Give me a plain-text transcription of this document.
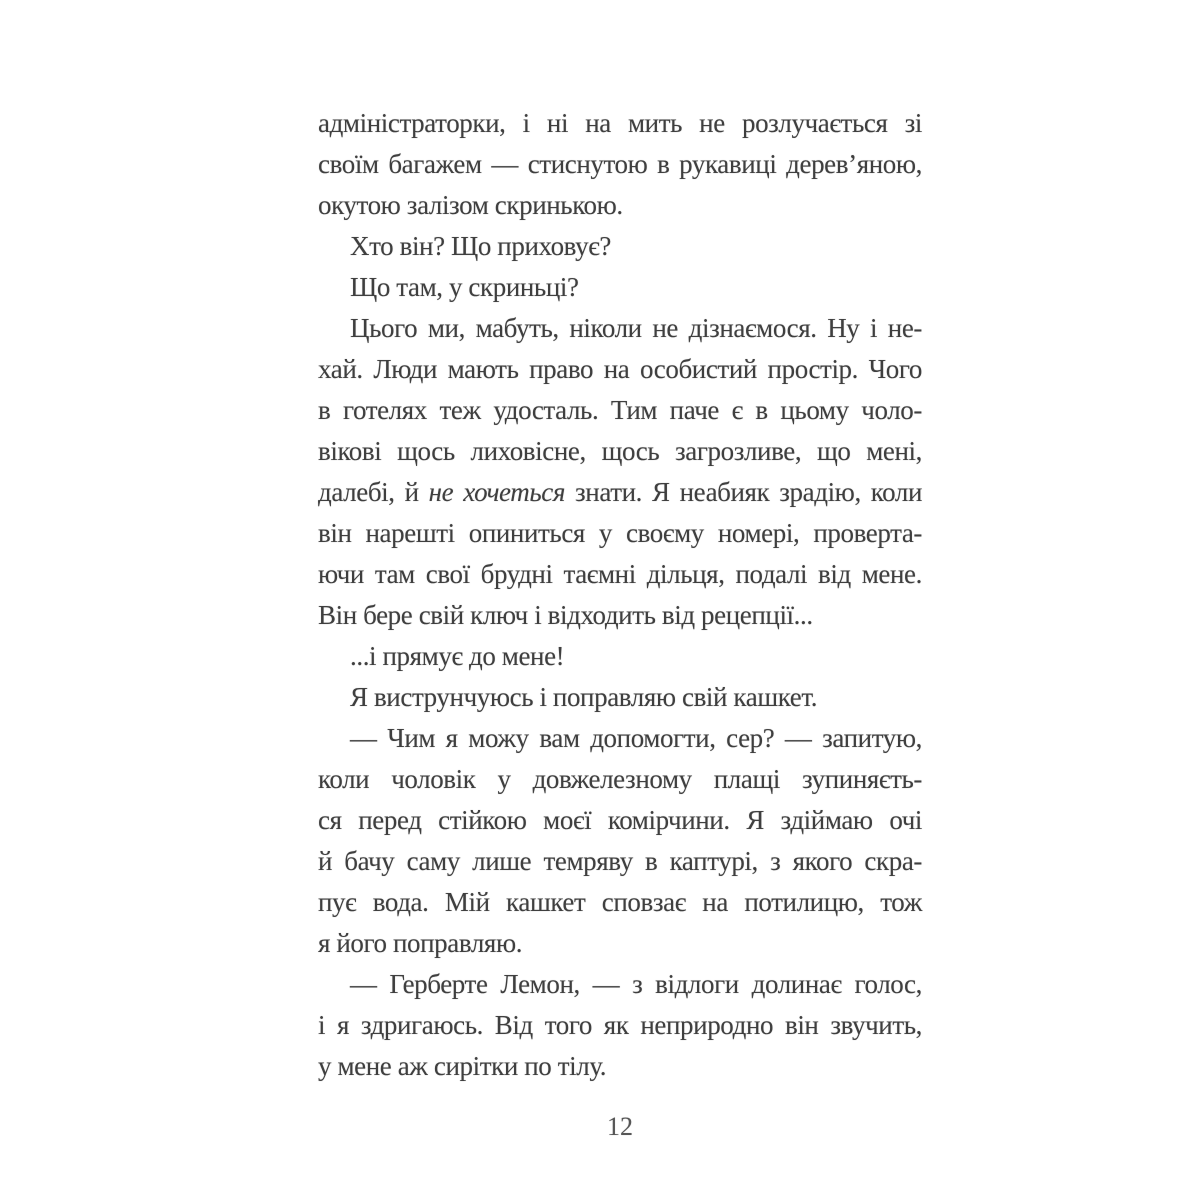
адміністраторки, і ні на мить не розлучається зі

своїм багажем — стиснутою в рукавиці дерев’яною,

окутою залізом скринькою.

Хто він? Що приховує?

Що там, у скриньці?

Цього ми, мабуть, ніколи не дізнаємося. Ну і не-

хай. Люди мають право на особистий простір. Чого

в готелях теж удосталь. Тим паче є в цьому чоло-

вікові щось лиховісне, щось загрозливе, що мені,

далебі, й не хочеться знати. Я неабияк зрадію, коли

він нарешті опиниться у своєму номері, проверта-

ючи там свої брудні таємні дільця, подалі від мене.

Він бере свій ключ і відходить від рецепції...

...і прямує до мене!

Я виструнчуюсь і поправляю свій кашкет.

— Чим я можу вам допомогти, сер? — запитую,

коли чоловік у довжелезному плащі зупиняєть-

ся перед стійкою моєї комірчини. Я здіймаю очі

й бачу саму лише темряву в каптурі, з якого скра-

пує вода. Мій кашкет сповзає на потилицю, тож

я його поправляю.

— Герберте Лемон, — з відлоги долинає голос,

і я здригаюсь. Від того як неприродно він звучить,

у мене аж сирітки по тілу.

12
